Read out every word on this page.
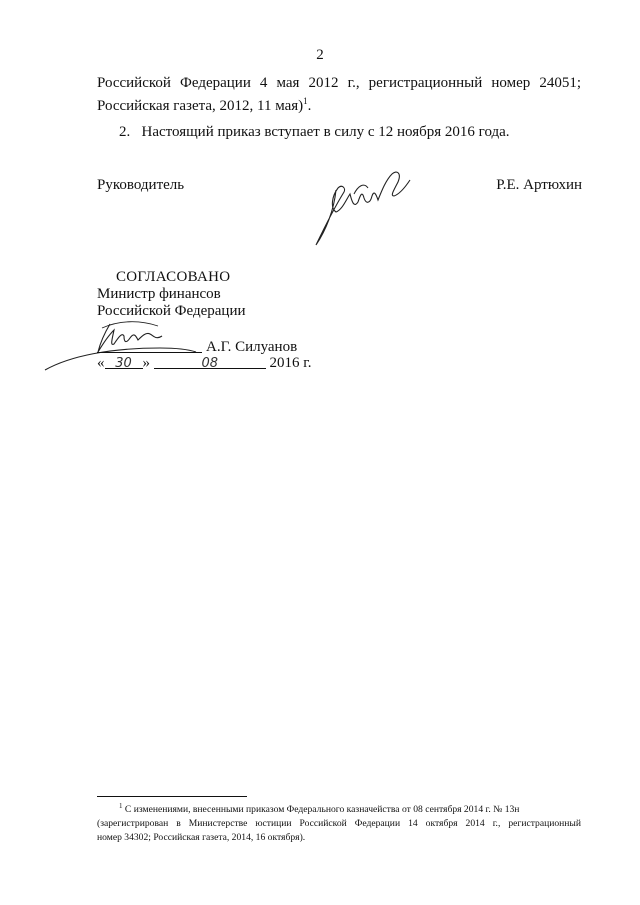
2
Российской Федерации 4 мая 2012 г., регистрационный номер 24051;
Российская газета, 2012, 11 мая)$^1$.
2. Настоящий приказ вступает в силу с 12 ноября 2016 года.
Руководитель	Р.Е. Артюхин
СОГЛАСОВАНО
Министр финансов
Российской Федерации
А.Г. Силуанов
« 30 »	08	2016 г.
$^1$ С изменениями, внесенными приказом Федерального казначейства от 08 сентября 2014 г. № 13н
(зарегистрирован в Министерстве юстиции Российской Федерации 14 октября 2014 г., регистрационный
номер 34302; Российская газета, 2014, 16 октября).
